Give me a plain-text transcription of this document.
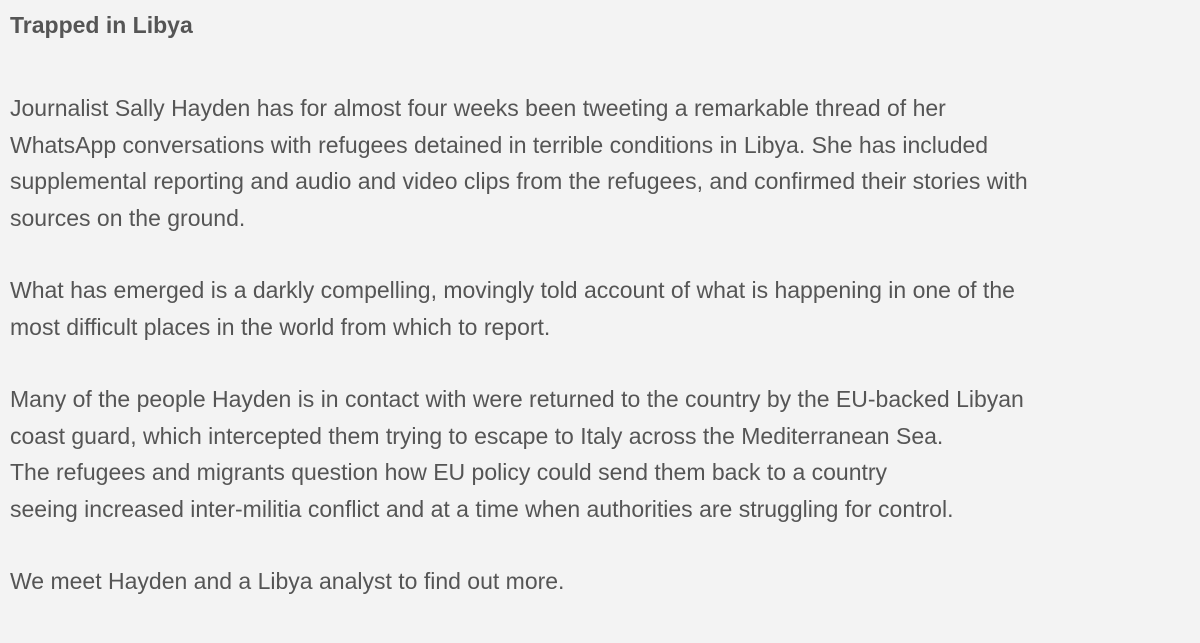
Trapped in Libya

Journalist Sally Hayden has for almost four weeks been tweeting a remarkable thread of her
WhatsApp conversations with refugees detained in terrible conditions in Libya. She has included
supplemental reporting and audio and video clips from the refugees, and confirmed their stories with
sources on the ground.

What has emerged is a darkly compelling, movingly told account of what is happening in one of the
most difficult places in the world from which to report.

Many of the people Hayden is in contact with were returned to the country by the EU-backed Libyan
coast guard, which intercepted them trying to escape to Italy across the Mediterranean Sea.
The refugees and migrants question how EU policy could send them back to a country
seeing increased inter-militia conflict and at a time when authorities are struggling for control.

We meet Hayden and a Libya analyst to find out more.
